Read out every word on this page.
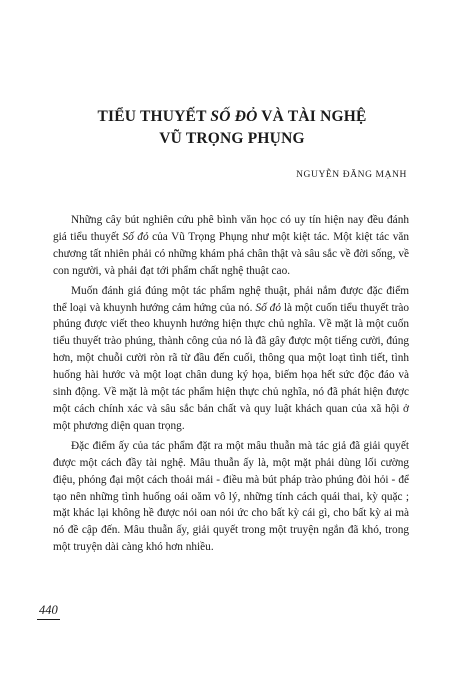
TIỂU THUYẾT SỐ ĐỎ VÀ TÀI NGHỆ
VŨ TRỌNG PHỤNG
NGUYỄN ĐĂNG MẠNH

Những cây bút nghiên cứu phê bình văn học có uy tín hiện nay đều đánh giá tiểu thuyết Số đỏ của Vũ Trọng Phụng như một kiệt tác. Một kiệt tác văn chương tất nhiên phải có những khám phá chân thật và sâu sắc về đời sống, về con người, và phải đạt tới phẩm chất nghệ thuật cao.

Muốn đánh giá đúng một tác phẩm nghệ thuật, phải nắm được đặc điểm thể loại và khuynh hướng cảm hứng của nó. Số đỏ là một cuốn tiểu thuyết trào phúng được viết theo khuynh hướng hiện thực chủ nghĩa. Về mặt là một cuốn tiểu thuyết trào phúng, thành công của nó là đã gây được một tiếng cười, đúng hơn, một chuỗi cười ròn rã từ đầu đến cuối, thông qua một loạt tình tiết, tình huống hài hước và một loạt chân dung ký họa, biếm họa hết sức độc đáo và sinh động. Về mặt là một tác phẩm hiện thực chủ nghĩa, nó đã phát hiện được một cách chính xác và sâu sắc bản chất và quy luật khách quan của xã hội ở một phương diện quan trọng.

Đặc điểm ấy của tác phẩm đặt ra một mâu thuẫn mà tác giả đã giải quyết được một cách đầy tài nghệ. Mâu thuẫn ấy là, một mặt phải dùng lối cường điệu, phóng đại một cách thoải mái - điều mà bút pháp trào phúng đòi hỏi - để tạo nên những tình huống oái oăm vô lý, những tính cách quái thai, kỳ quặc ; mặt khác lại không hề được nói oan nói ức cho bất kỳ cái gì, cho bất kỳ ai mà nó đề cập đến. Mâu thuẫn ấy, giải quyết trong một truyện ngắn đã khó, trong một truyện dài càng khó hơn nhiều.

440
